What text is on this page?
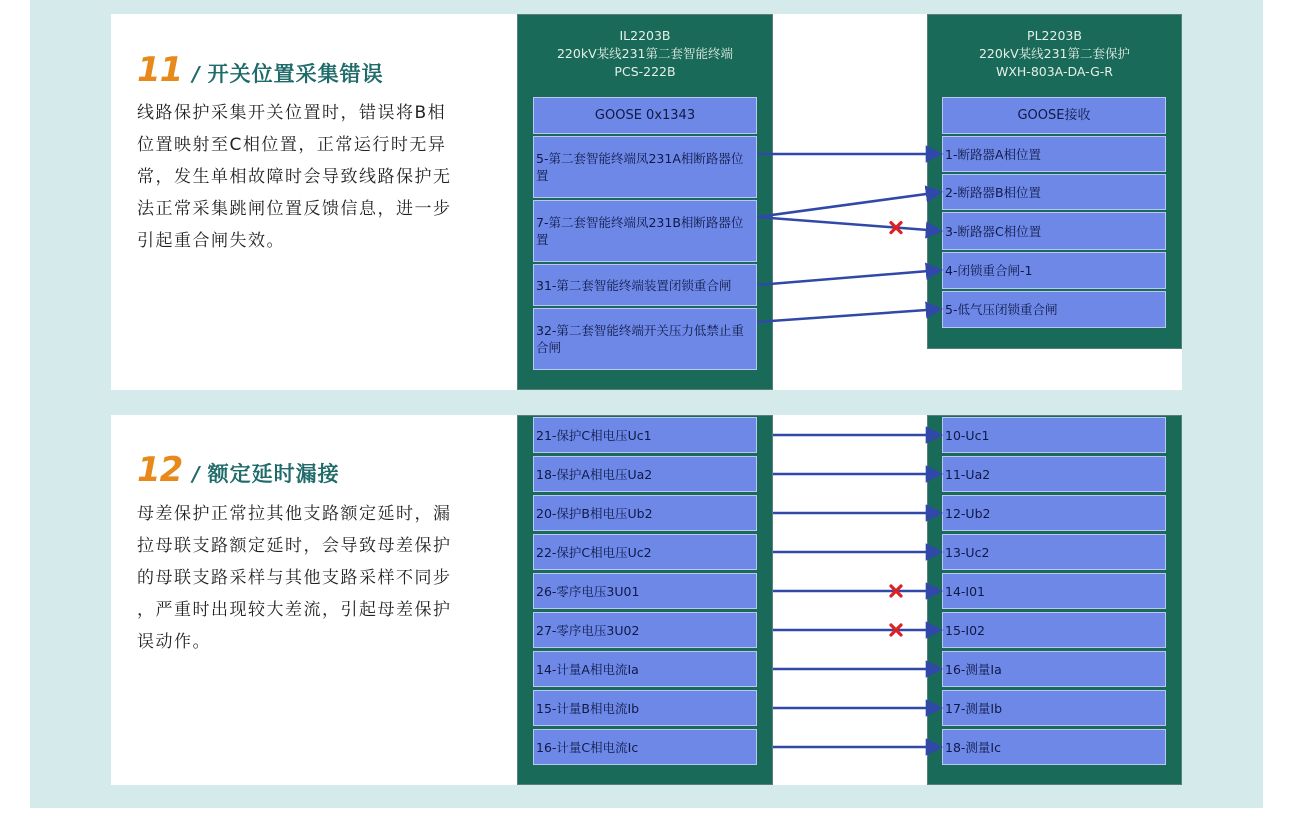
11 / 开关位置采集错误

线路保护采集开关位置时，错误将B相
位置映射至C相位置，正常运行时无异
常，发生单相故障时会导致线路保护无
法正常采集跳闸位置反馈信息，进一步
引起重合闸失效。

IL2203B
220kV某线231第二套智能终端
PCS-222B
GOOSE 0x1343
5-第二套智能终端凤231A相断路器位置
7-第二套智能终端凤231B相断路器位置
31-第二套智能终端装置闭锁重合闸
32-第二套智能终端开关压力低禁止重合闸
PL2203B
220kV某线231第二套保护
WXH-803A-DA-G-R
GOOSE接收
1-断路器A相位置
2-断路器B相位置
3-断路器C相位置
4-闭锁重合闸-1
5-低气压闭锁重合闸
12 / 额定延时漏接

母差保护正常拉其他支路额定延时，漏
拉母联支路额定延时，会导致母差保护
的母联支路采样与其他支路采样不同步
，严重时出现较大差流，引起母差保护
误动作。

21-保护C相电压Uc1
18-保护A相电压Ua2
20-保护B相电压Ub2
22-保护C相电压Uc2
26-零序电压3U01
27-零序电压3U02
14-计量A相电流Ia
15-计量B相电流Ib
16-计量C相电流Ic
10-Uc1
11-Ua2
12-Ub2
13-Uc2
14-I01
15-I02
16-测量Ia
17-测量Ib
18-测量Ic
